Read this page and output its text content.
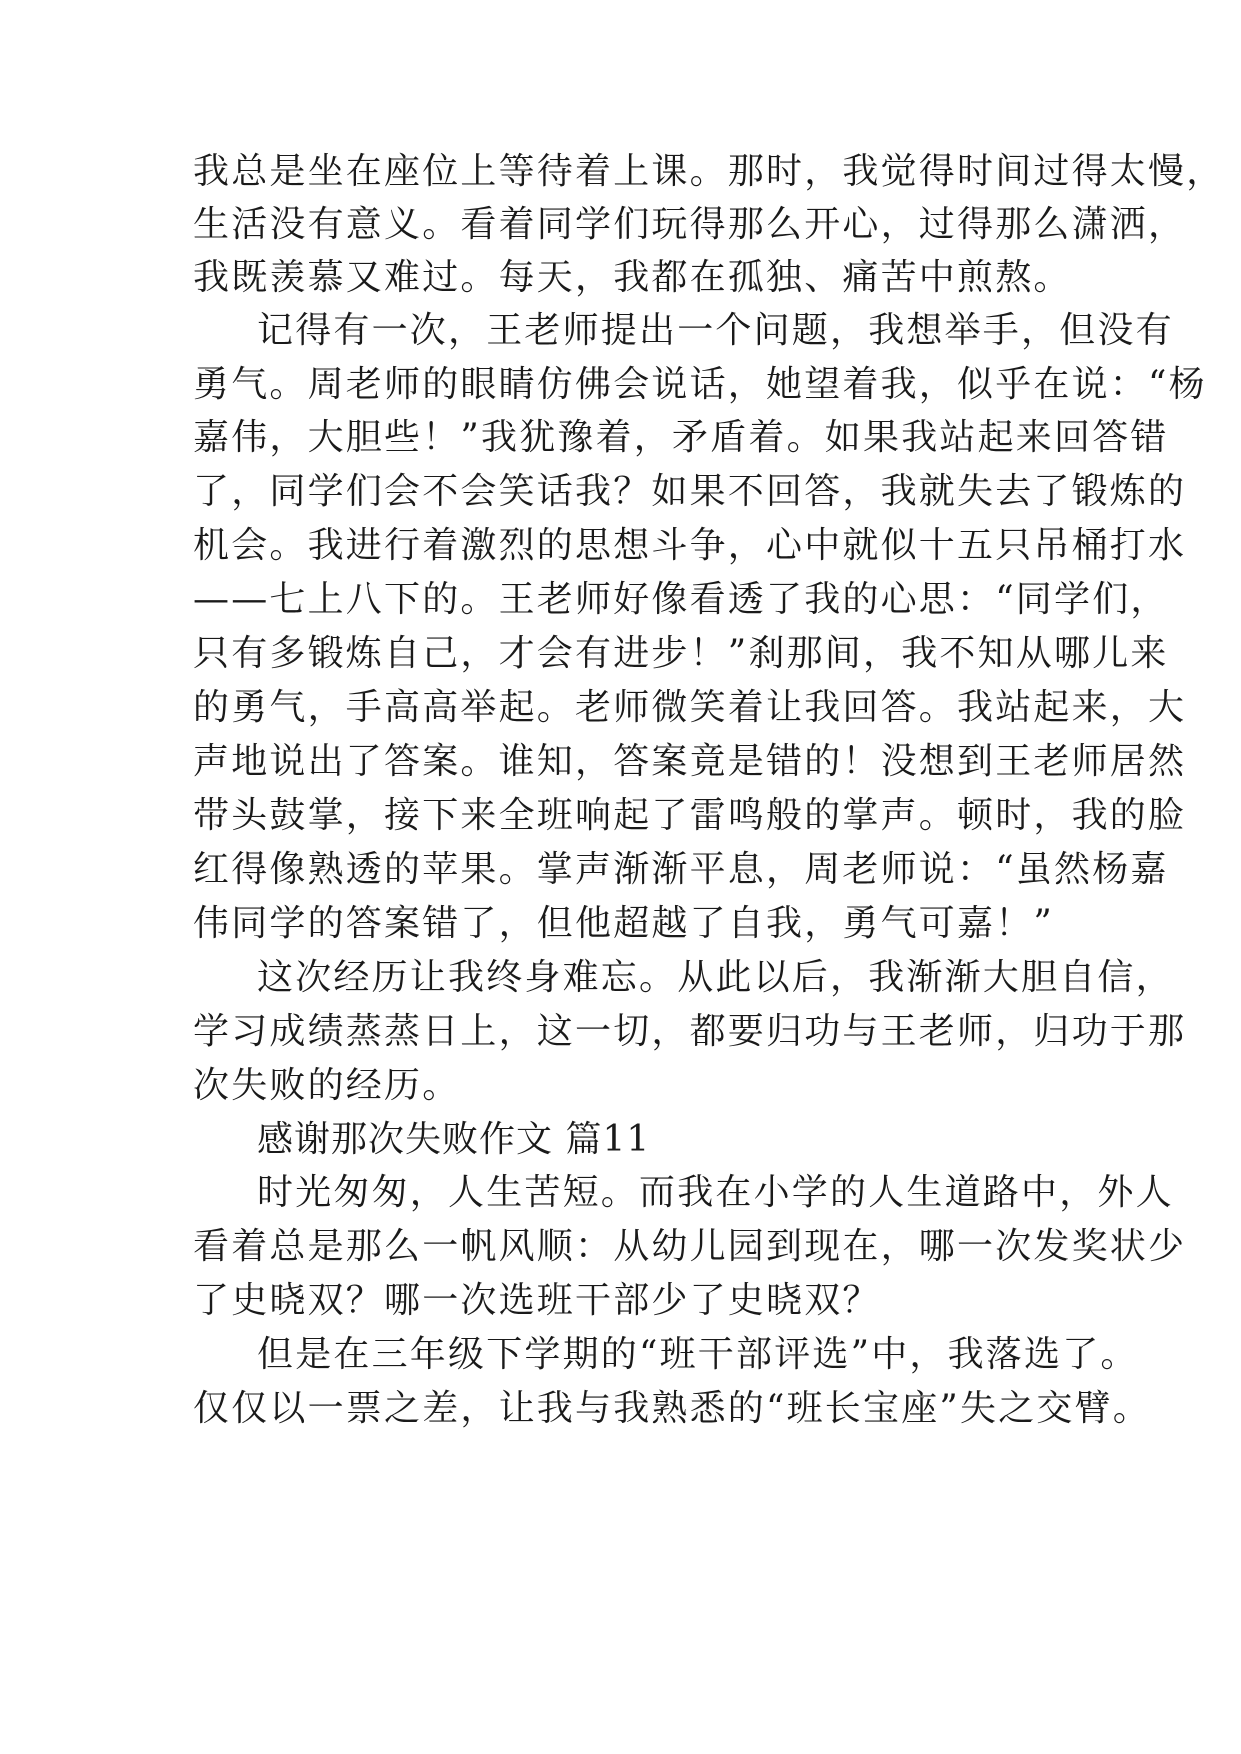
我总是坐在座位上等待着上课。那时，我觉得时间过得太慢，
生活没有意义。看着同学们玩得那么开心，过得那么潇洒，
我既羡慕又难过。每天，我都在孤独、痛苦中煎熬。
记得有一次，王老师提出一个问题，我想举手，但没有
勇气。周老师的眼睛仿佛会说话，她望着我，似乎在说：“杨
嘉伟，大胆些！”我犹豫着，矛盾着。如果我站起来回答错
了，同学们会不会笑话我？如果不回答，我就失去了锻炼的
机会。我进行着激烈的思想斗争，心中就似十五只吊桶打水
——七上八下的。王老师好像看透了我的心思：“同学们，
只有多锻炼自己，才会有进步！”刹那间，我不知从哪儿来
的勇气，手高高举起。老师微笑着让我回答。我站起来，大
声地说出了答案。谁知，答案竟是错的！没想到王老师居然
带头鼓掌，接下来全班响起了雷鸣般的掌声。顿时，我的脸
红得像熟透的苹果。掌声渐渐平息，周老师说：“虽然杨嘉
伟同学的答案错了，但他超越了自我，勇气可嘉！”
这次经历让我终身难忘。从此以后，我渐渐大胆自信，
学习成绩蒸蒸日上，这一切，都要归功与王老师，归功于那
次失败的经历。
感谢那次失败作文 篇11
时光匆匆，人生苦短。而我在小学的人生道路中，外人
看着总是那么一帆风顺：从幼儿园到现在，哪一次发奖状少
了史晓双？哪一次选班干部少了史晓双？
但是在三年级下学期的“班干部评选”中，我落选了。
仅仅以一票之差，让我与我熟悉的“班长宝座”失之交臂。
